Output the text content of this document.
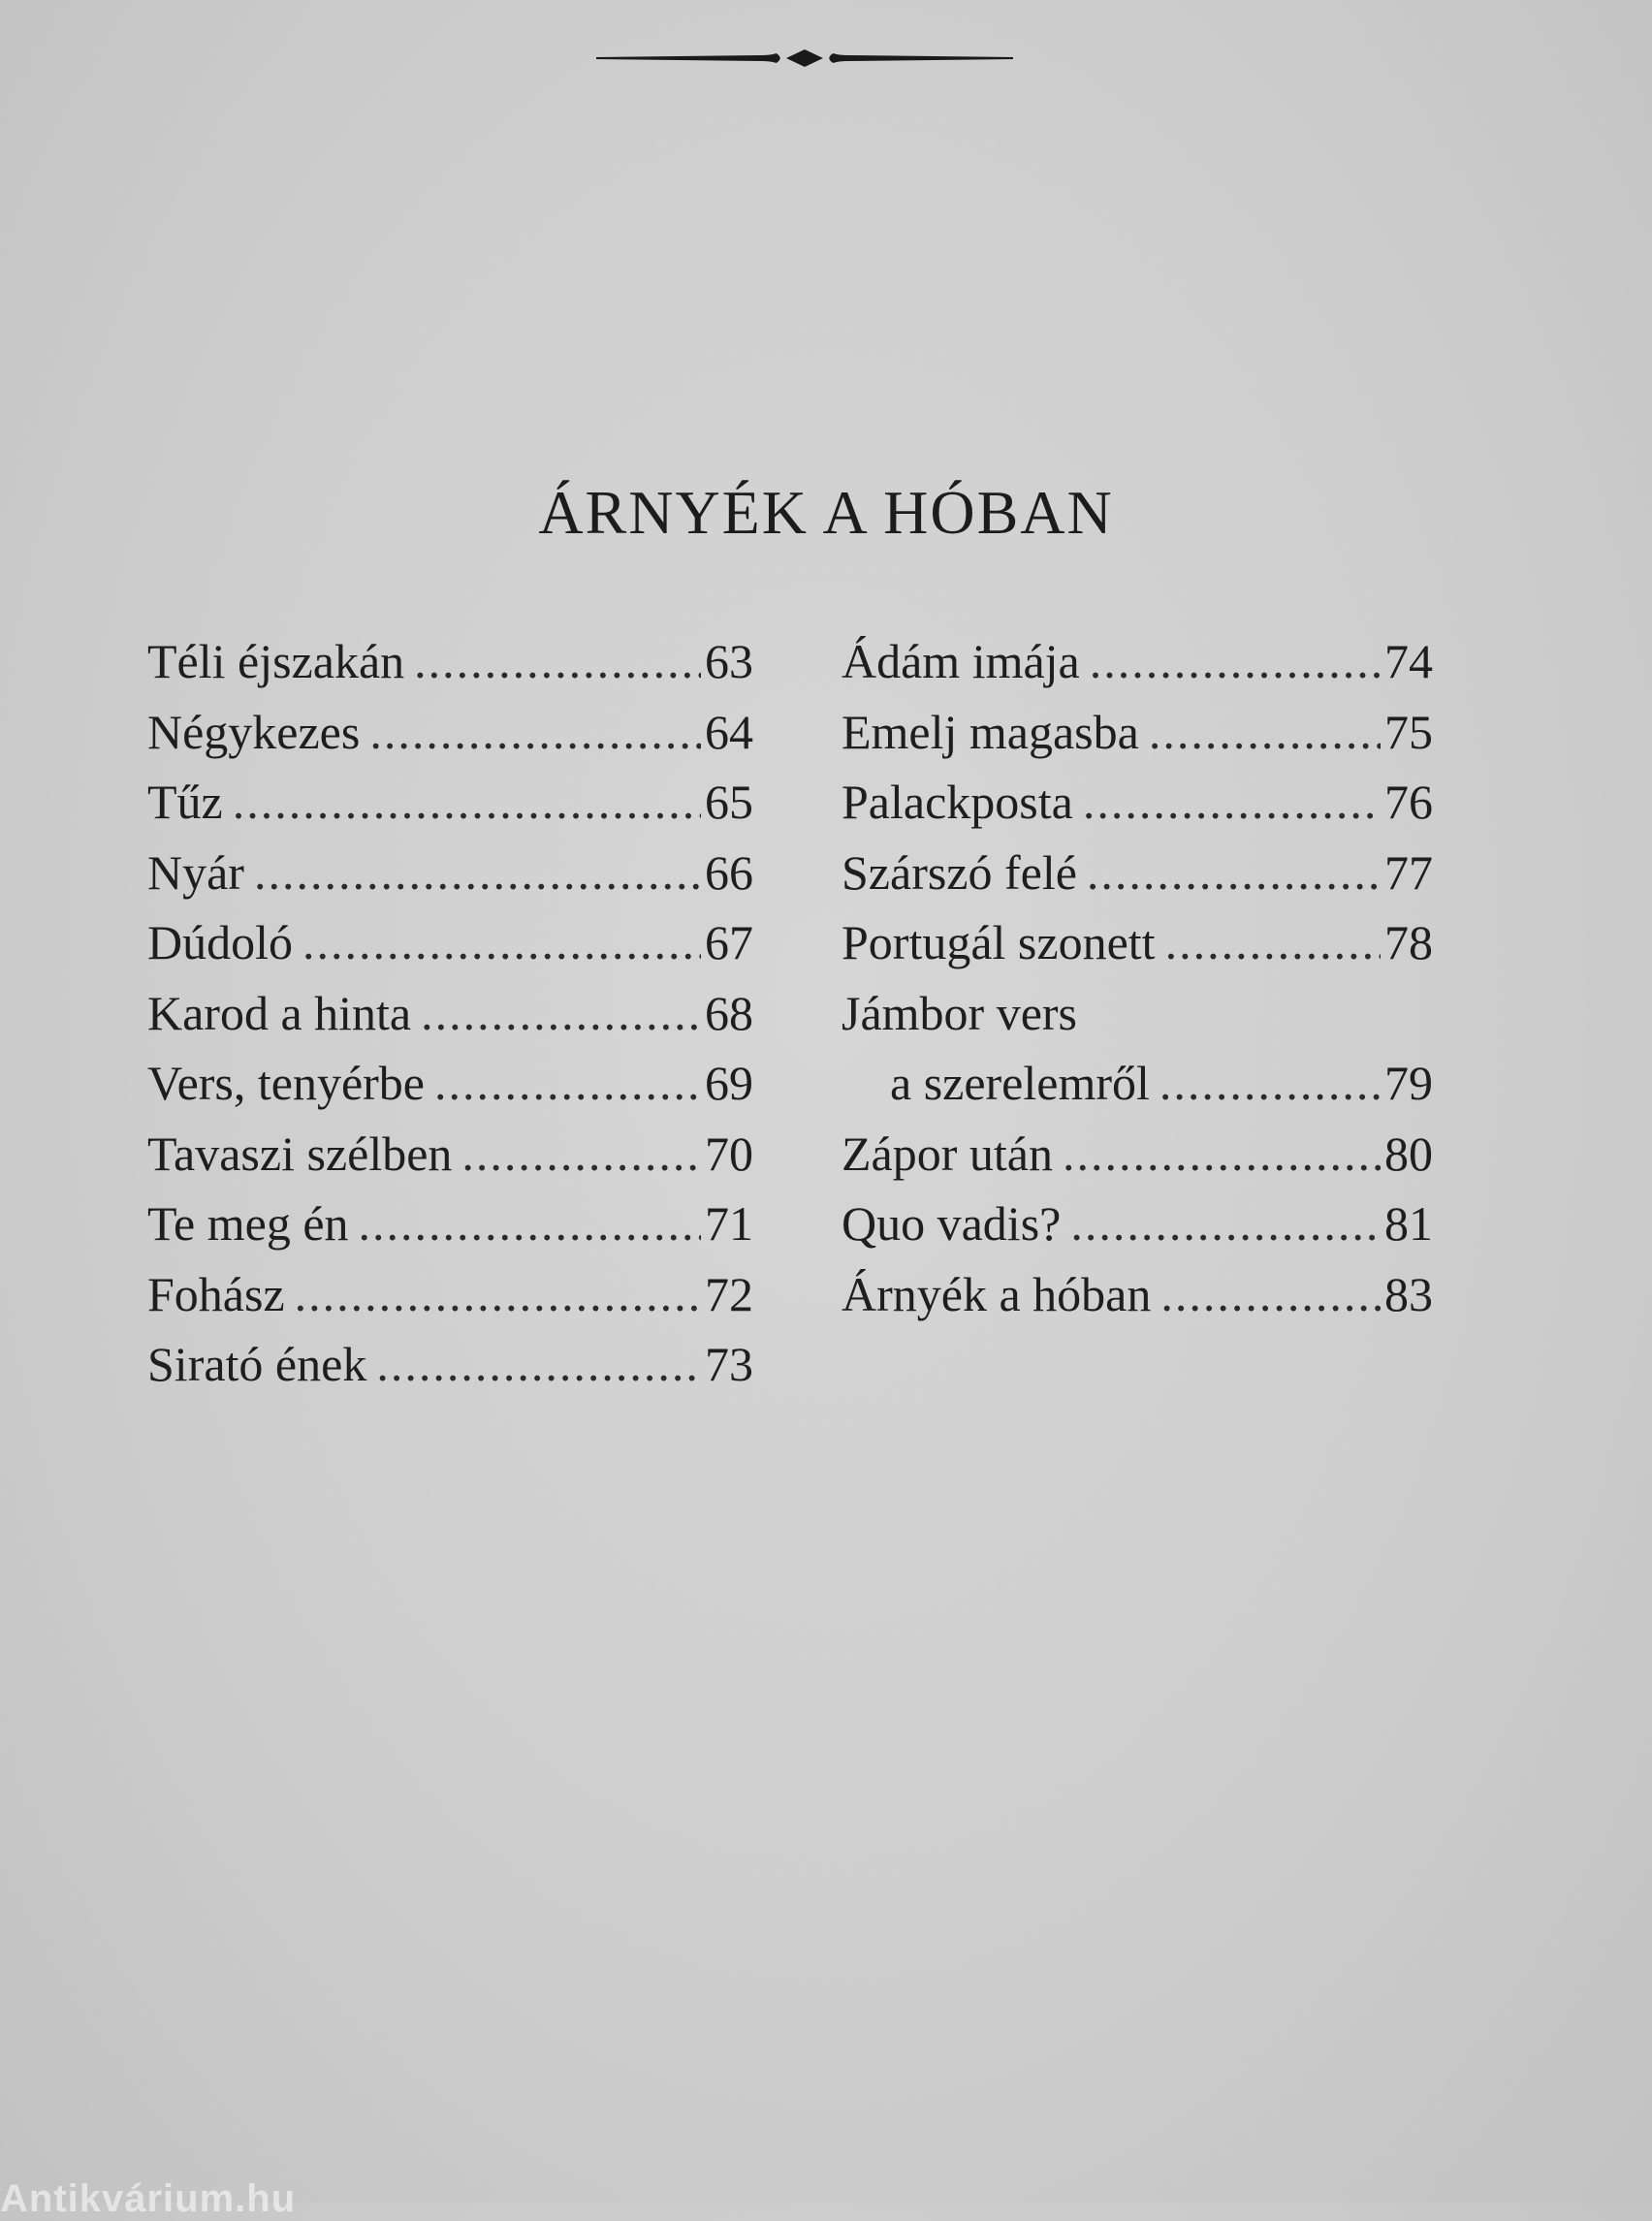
ÁRNYÉK A HÓBAN
Téli éjszakán .....	63
Négykezes .....	64
Tűz .....	65
Nyár .....	66
Dúdoló .....	67
Karod a hinta .....	68
Vers, tenyérbe .....	69
Tavaszi szélben .....	70
Te meg én .....	71
Fohász .....	72
Sirató ének .....	73
Ádám imája .....	74
Emelj magasba .....	75
Palackposta .....	76
Szárszó felé .....	77
Portugál szonett .....	78
Jámbor vers
a szerelemről .....	79
Zápor után .....	80
Quo vadis? .....	81
Árnyék a hóban .....	83
Antikvárium.hu
